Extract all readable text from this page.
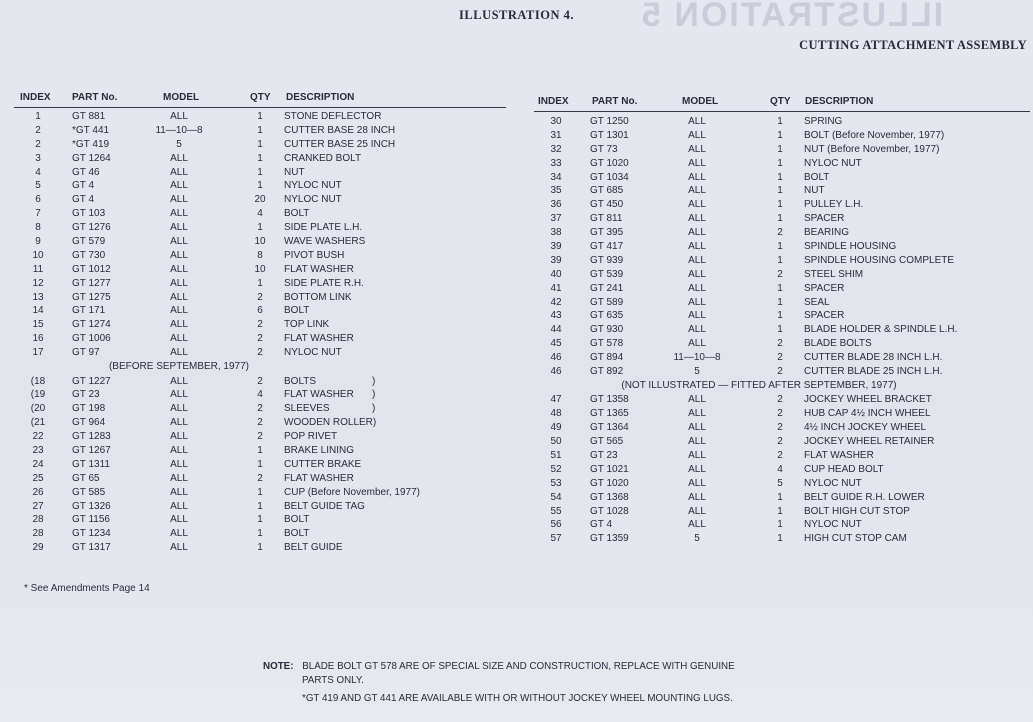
ILLUSTRATION 5
ILLUSTRATION 4.
CUTTING ATTACHMENT ASSEMBLY
INDEX PART No.	MODEL	QTY DESCRIPTION
1	GT 881	ALL	1	STONE DEFLECTOR
2	*GT 441	11—10—8	1	CUTTER BASE 28 INCH
2	*GT 419	5	1	CUTTER BASE 25 INCH
3	GT 1264	ALL	1	CRANKED BOLT
4	GT 46	ALL	1	NUT
5	GT 4	ALL	1	NYLOC NUT
6	GT 4	ALL	20	NYLOC NUT
7	GT 103	ALL	4	BOLT
8	GT 1276	ALL	1	SIDE PLATE L.H.
9	GT 579	ALL	10	WAVE WASHERS
10	GT 730	ALL	8	PIVOT BUSH
11	GT 1012	ALL	10	FLAT WASHER
12	GT 1277	ALL	1	SIDE PLATE R.H.
13	GT 1275	ALL	2	BOTTOM LINK
14	GT 171	ALL	6	BOLT
15	GT 1274	ALL	2	TOP LINK
16	GT 1006	ALL	2	FLAT WASHER
17	GT 97	ALL	2	NYLOC NUT
(BEFORE SEPTEMBER, 1977)
(18	GT 1227	ALL	2	BOLTS	)
(19	GT 23	ALL	4	FLAT WASHER )
(20	GT 198	ALL	2	SLEEVES	)
(21	GT 964	ALL	2	WOODEN ROLLER)
22	GT 1283	ALL	2	POP RIVET
23	GT 1267	ALL	1	BRAKE LINING
24	GT 1311	ALL	1	CUTTER BRAKE
25	GT 65	ALL	2	FLAT WASHER
26	GT 585	ALL	1	CUP (Before November, 1977)
27	GT 1326	ALL	1	BELT GUIDE TAG
28	GT 1156	ALL	1	BOLT
28	GT 1234	ALL	1	BOLT
29	GT 1317	ALL	1	BELT GUIDE
INDEX PART No.	MODEL	QTY DESCRIPTION
30	GT 1250	ALL	1	SPRING
31	GT 1301	ALL	1	BOLT (Before November, 1977)
32	GT 73	ALL	1	NUT (Before November, 1977)
33	GT 1020	ALL	1	NYLOC NUT
34	GT 1034	ALL	1	BOLT
35	GT 685	ALL	1	NUT
36	GT 450	ALL	1	PULLEY L.H.
37	GT 811	ALL	1	SPACER
38	GT 395	ALL	2	BEARING
39	GT 417	ALL	1	SPINDLE HOUSING
39	GT 939	ALL	1	SPINDLE HOUSING COMPLETE
40	GT 539	ALL	2	STEEL SHIM
41	GT 241	ALL	1	SPACER
42	GT 589	ALL	1	SEAL
43	GT 635	ALL	1	SPACER
44	GT 930	ALL	1	BLADE HOLDER & SPINDLE L.H.
45	GT 578	ALL	2	BLADE BOLTS
46	GT 894	11—10—8	2	CUTTER BLADE 28 INCH L.H.
46	GT 892	5	2	CUTTER BLADE 25 INCH L.H.
(NOT ILLUSTRATED — FITTED AFTER SEPTEMBER, 1977)
47	GT 1358	ALL	2	JOCKEY WHEEL BRACKET
48	GT 1365	ALL	2	HUB CAP 4½ INCH WHEEL
49	GT 1364	ALL	2	4½ INCH JOCKEY WHEEL
50	GT 565	ALL	2	JOCKEY WHEEL RETAINER
51	GT 23	ALL	2	FLAT WASHER
52	GT 1021	ALL	4	CUP HEAD BOLT
53	GT 1020	ALL	5	NYLOC NUT
54	GT 1368	ALL	1	BELT GUIDE R.H. LOWER
55	GT 1028	ALL	1	BOLT HIGH CUT STOP
56	GT 4	ALL	1	NYLOC NUT
57	GT 1359	5	1	HIGH CUT STOP CAM
* See Amendments Page 14
NOTE: BLADE BOLT GT 578 ARE OF SPECIAL SIZE AND CONSTRUCTION, REPLACE WITH GENUINE
PARTS ONLY.
*GT 419 AND GT 441 ARE AVAILABLE WITH OR WITHOUT JOCKEY WHEEL MOUNTING LUGS.
